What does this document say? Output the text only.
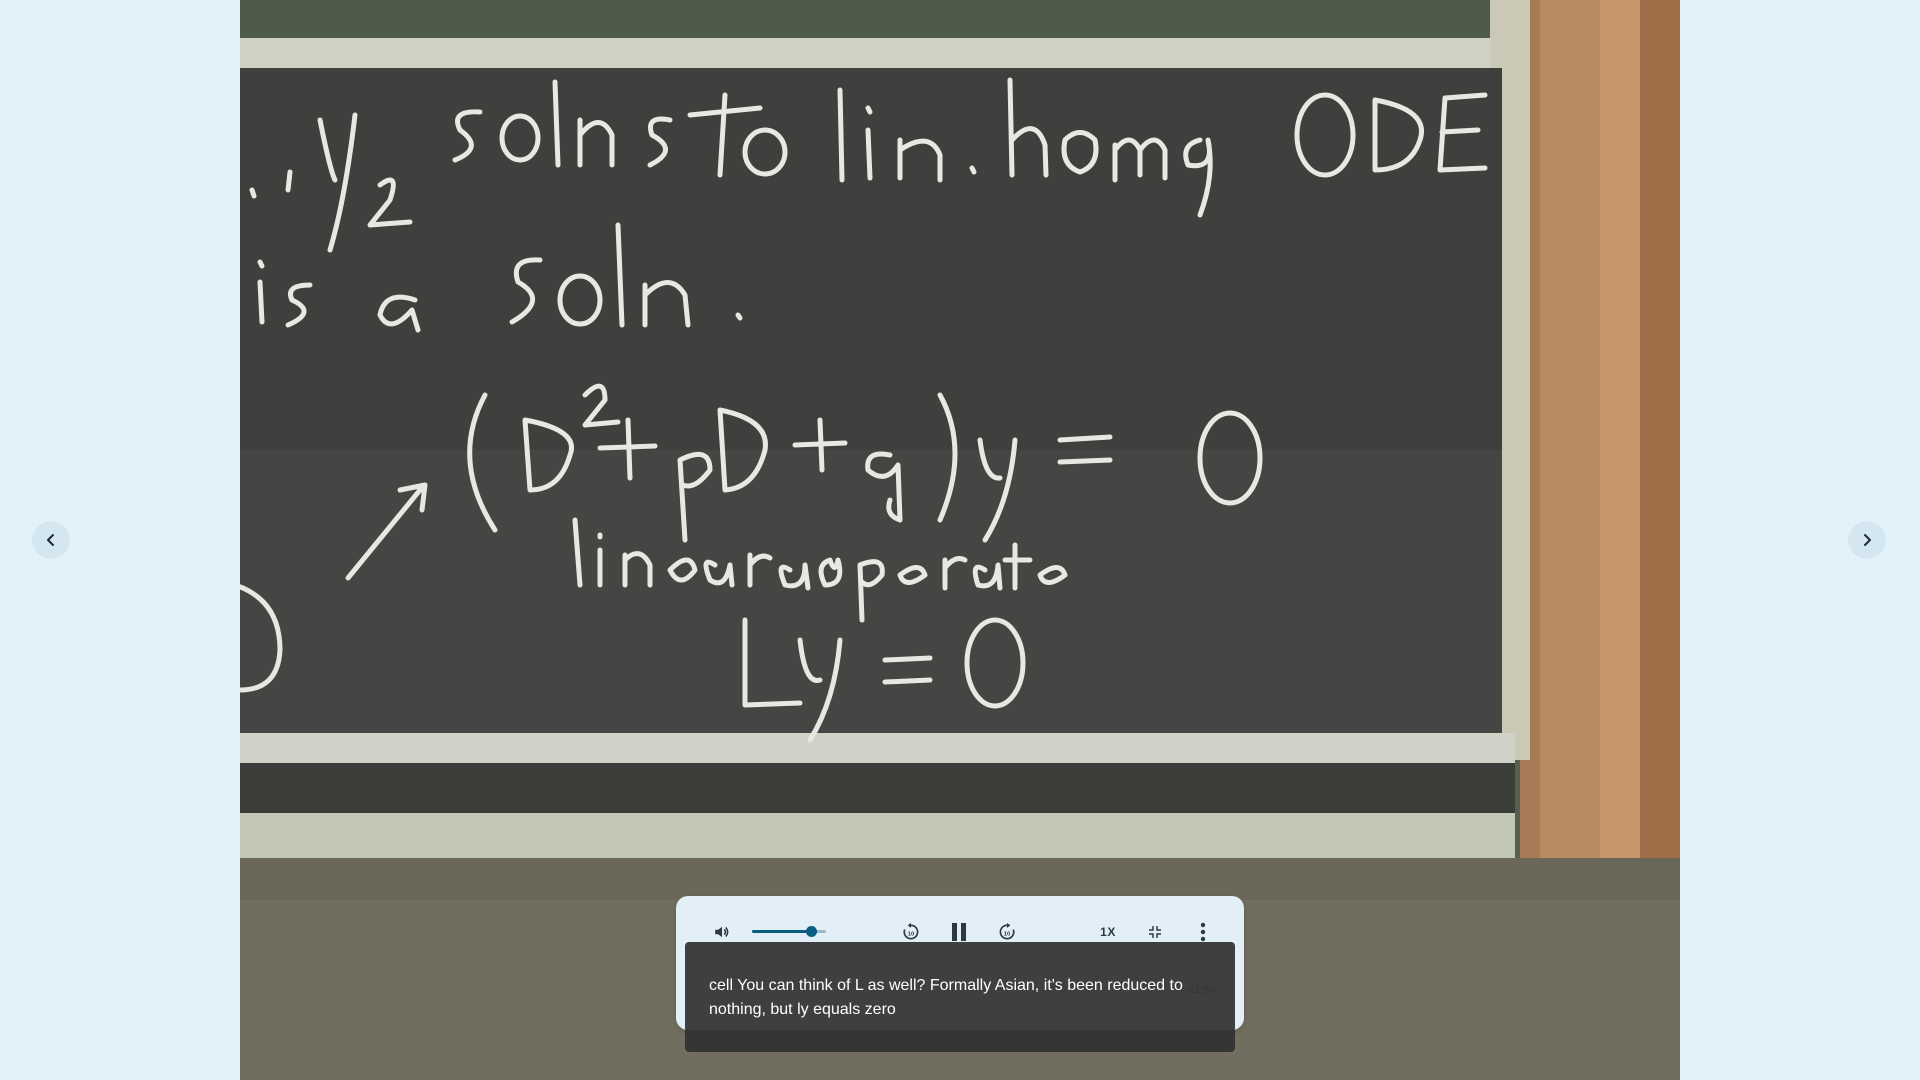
10	10	1X
cell You can think of L as well? Formally Asian, it's been reduced to nothing, but ly equals zero
